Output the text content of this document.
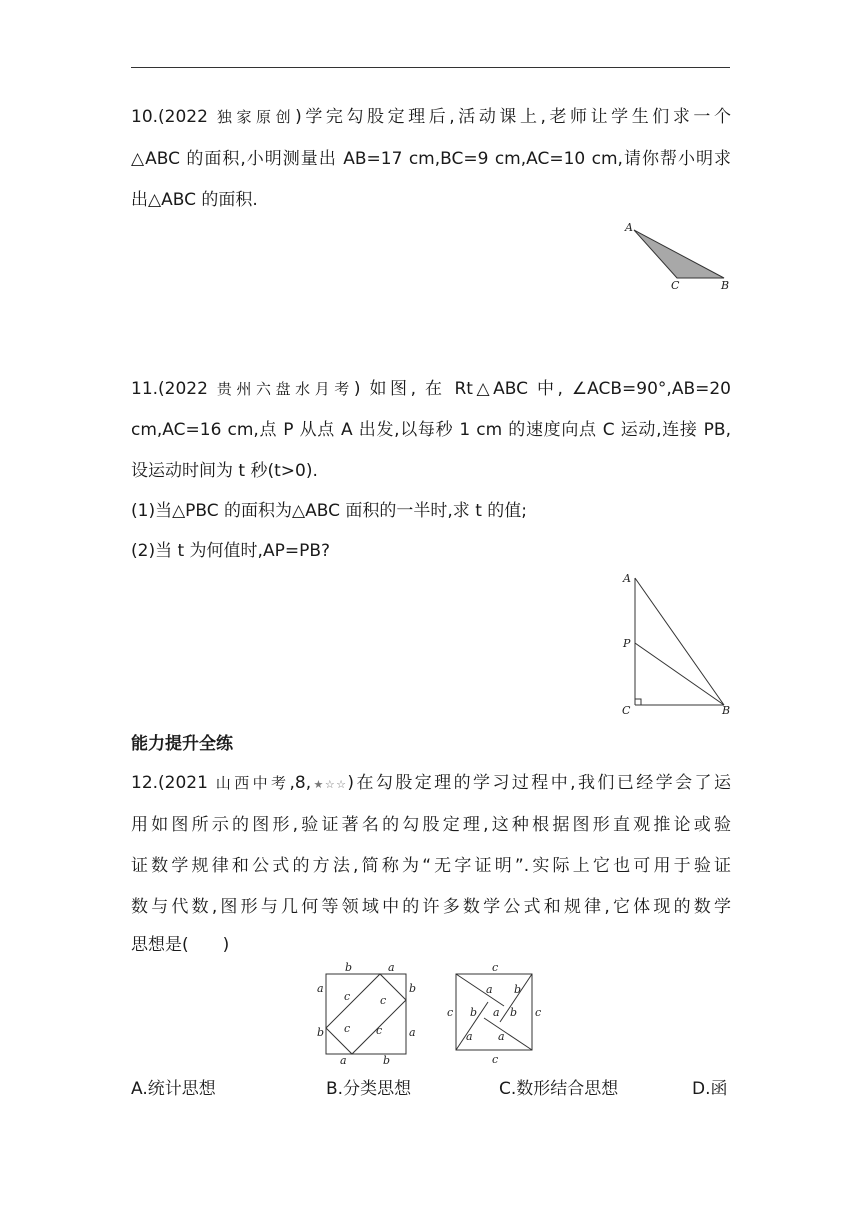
10.(2022 独家原创)学完勾股定理后,活动课上,老师让学生们求一个
△ABC 的面积,小明测量出 AB=17 cm,BC=9 cm,AC=10 cm,请你帮小明求
出△ABC 的面积.
A
C	B
11.(2022 贵州六盘水月考) 如图, 在 Rt△ABC 中, ∠ACB=90°,AB=20
cm,AC=16 cm,点 P 从点 A 出发,以每秒 1 cm 的速度向点 C 运动,连接 PB,
设运动时间为 t 秒(t>0).
(1)当△PBC 的面积为△ABC 面积的一半时,求 t 的值;
(2)当 t 为何值时,AP=PB?
A
P
C	B
能力提升全练
12.(2021 山西中考,8,★☆☆)在勾股定理的学习过程中,我们已经学会了运
用如图所示的图形,验证著名的勾股定理,这种根据图形直观推论或验
证数学规律和公式的方法,简称为“无字证明”.实际上它也可用于验证
数与代数,图形与几何等领域中的许多数学公式和规律,它体现的数学
思想是(　　)
b	a
a
b
b
a
a	b
c	c
c c
c
c	c
c
a b
b a b
a a
A.统计思想	B.分类思想	C.数形结合思想	D.函
